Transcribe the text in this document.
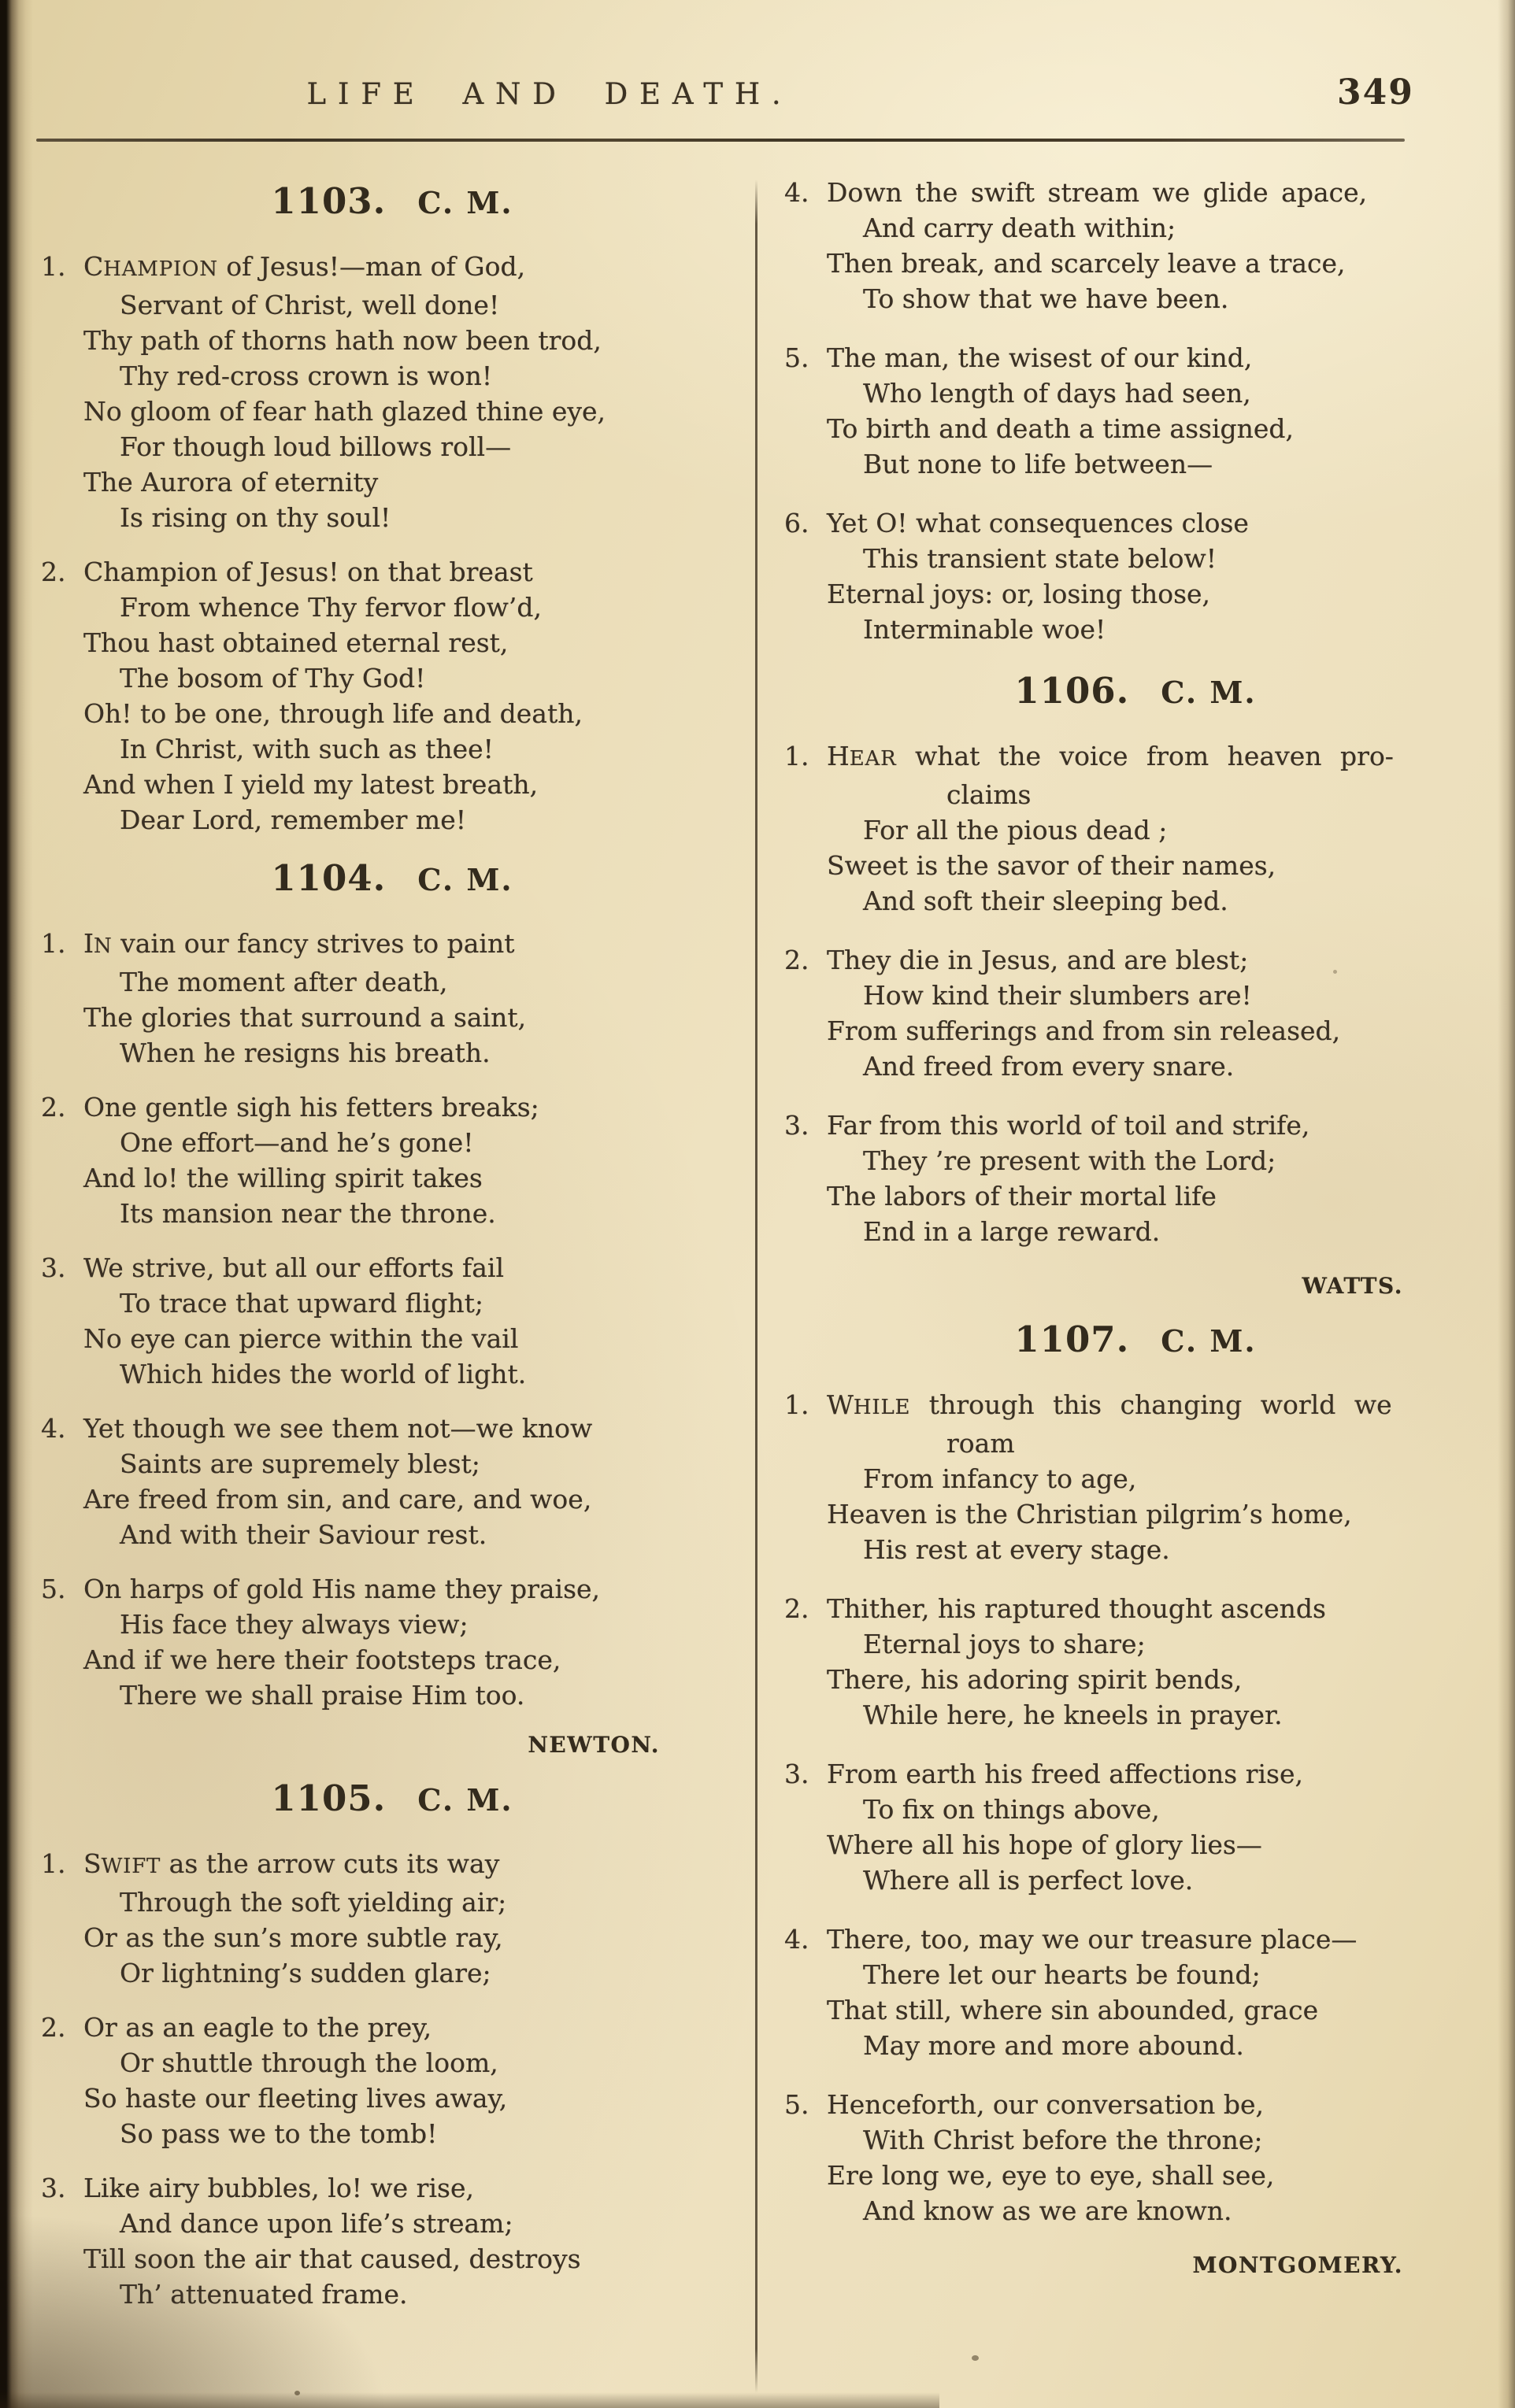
LIFE AND DEATH.	349
1103. C. M.
1. CHAMPION of Jesus!—man of God,
Servant of Christ, well done!
Thy path of thorns hath now been trod,
Thy red-cross crown is won!
No gloom of fear hath glazed thine eye,
For though loud billows roll—
The Aurora of eternity
Is rising on thy soul!
2. Champion of Jesus! on that breast
From whence Thy fervor flow’d,
Thou hast obtained eternal rest,
The bosom of Thy God!
Oh! to be one, through life and death,
In Christ, with such as thee!
And when I yield my latest breath,
Dear Lord, remember me!
1104. C. M.
1. IN vain our fancy strives to paint
The moment after death,
The glories that surround a saint,
When he resigns his breath.
2. One gentle sigh his fetters breaks;
One effort—and he’s gone!
And lo! the willing spirit takes
Its mansion near the throne.
3. We strive, but all our efforts fail
To trace that upward flight;
No eye can pierce within the vail
Which hides the world of light.
4. Yet though we see them not—we know
Saints are supremely blest;
Are freed from sin, and care, and woe,
And with their Saviour rest.
5. On harps of gold His name they praise,
His face they always view;
And if we here their footsteps trace,
There we shall praise Him too.
NEWTON.
1105. C. M.
1. SWIFT as the arrow cuts its way
Through the soft yielding air;
Or as the sun’s more subtle ray,
Or lightning’s sudden glare;
2. Or as an eagle to the prey,
Or shuttle through the loom,
So haste our fleeting lives away,
So pass we to the tomb!
3. Like airy bubbles, lo! we rise,
And dance upon life’s stream;
Till soon the air that caused, destroys
Th’ attenuated frame.
4. Down the swift stream we glide apace,
And carry death within;
Then break, and scarcely leave a trace,
To show that we have been.
5. The man, the wisest of our kind,
Who length of days had seen,
To birth and death a time assigned,
But none to life between—
6. Yet O! what consequences close
This transient state below!
Eternal joys: or, losing those,
Interminable woe!
1106. C. M.
1. HEAR what the voice from heaven pro-
claims
For all the pious dead ;
Sweet is the savor of their names,
And soft their sleeping bed.
2. They die in Jesus, and are blest;
How kind their slumbers are!
From sufferings and from sin released,
And freed from every snare.
3. Far from this world of toil and strife,
They ’re present with the Lord;
The labors of their mortal life
End in a large reward.
WATTS.
1107. C. M.
1. WHILE through this changing world we
roam
From infancy to age,
Heaven is the Christian pilgrim’s home,
His rest at every stage.
2. Thither, his raptured thought ascends
Eternal joys to share;
There, his adoring spirit bends,
While here, he kneels in prayer.
3. From earth his freed affections rise,
To fix on things above,
Where all his hope of glory lies—
Where all is perfect love.
4. There, too, may we our treasure place—
There let our hearts be found;
That still, where sin abounded, grace
May more and more abound.
5. Henceforth, our conversation be,
With Christ before the throne;
Ere long we, eye to eye, shall see,
And know as we are known.
MONTGOMERY.
